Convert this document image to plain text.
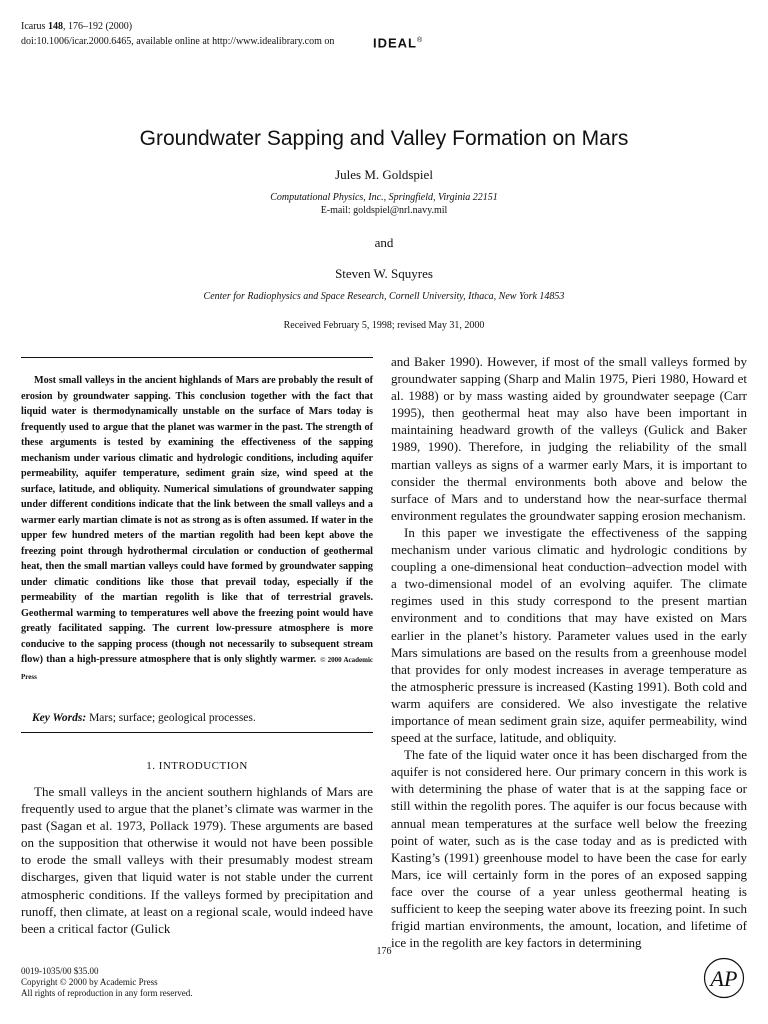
Icarus 148, 176–192 (2000)
doi:10.1006/icar.2000.6465, available online at http://www.idealibrary.com on	IDEAL®
Groundwater Sapping and Valley Formation on Mars
Jules M. Goldspiel
Computational Physics, Inc., Springfield, Virginia 22151
E-mail: goldspiel@nrl.navy.mil
and
Steven W. Squyres
Center for Radiophysics and Space Research, Cornell University, Ithaca, New York 14853
Received February 5, 1998; revised May 31, 2000
Most small valleys in the ancient highlands of Mars are probably the result of erosion by groundwater sapping. This conclusion together with the fact that liquid water is thermodynamically unstable on the surface of Mars today is frequently used to argue that the planet was warmer in the past. The strength of these arguments is tested by examining the effectiveness of the sapping mechanism under various climatic and hydrologic conditions, including aquifer permeability, aquifer temperature, sediment grain size, wind speed at the surface, latitude, and obliquity. Numerical simulations of groundwater sapping under different conditions indicate that the link between the small valleys and a warmer early martian climate is not as strong as is often assumed. If water in the upper few hundred meters of the martian regolith had been kept above the freezing point through hydrothermal circulation or conduction of geothermal heat, then the small martian valleys could have formed by groundwater sapping under climatic conditions like those that prevail today, especially if the permeability of the martian regolith is like that of terrestrial gravels. Geothermal warming to temperatures well above the freezing point would have greatly facilitated sapping. The current low-pressure atmosphere is more conducive to the sapping process (though not necessarily to subsequent stream flow) than a high-pressure atmosphere that is only slightly warmer. © 2000 Academic Press
Key Words: Mars; surface; geological processes.
1. INTRODUCTION

The small valleys in the ancient southern highlands of Mars are frequently used to argue that the planet’s climate was warmer in the past (Sagan et al. 1973, Pollack 1979). These arguments are based on the supposition that otherwise it would not have been possible to erode the small valleys with their presumably modest stream discharges, given that liquid water is not stable under the current atmospheric conditions. If the valleys formed by precipitation and runoff, then climate, at least on a regional scale, would indeed have been a critical factor (Gulick

and Baker 1990). However, if most of the small valleys formed by groundwater sapping (Sharp and Malin 1975, Pieri 1980, Howard et al. 1988) or by mass wasting aided by groundwater seepage (Carr 1995), then geothermal heat may also have been important in maintaining headward growth of the valleys (Gulick and Baker 1989, 1990). Therefore, in judging the reliability of the small martian valleys as signs of a warmer early Mars, it is important to consider the thermal environments both above and below the surface of Mars and to understand how the near-surface thermal environment regulates the groundwater sapping erosion mechanism.

In this paper we investigate the effectiveness of the sapping mechanism under various climatic and hydrologic conditions by coupling a one-dimensional heat conduction–advection model with a two-dimensional model of an evolving aquifer. The climate regimes used in this study correspond to the present martian environment and to conditions that may have existed on Mars earlier in the planet’s history. Parameter values used in the early Mars simulations are based on the results from a greenhouse model that provides for only modest increases in average temperature as the atmospheric pressure is increased (Kasting 1991). Both cold and warm aquifers are considered. We also investigate the relative importance of mean sediment grain size, aquifer permeability, wind speed at the surface, latitude, and obliquity.

The fate of the liquid water once it has been discharged from the aquifer is not considered here. Our primary concern in this work is with determining the phase of water that is at the sapping face or still within the regolith pores. The aquifer is our focus because with annual mean temperatures at the surface well below the freezing point of water, such as is the case today and as is predicted with Kasting’s (1991) greenhouse model to have been the case for early Mars, ice will certainly form in the pores of an exposed sapping face over the course of a year unless geothermal heating is sufficient to keep the seeping water above its freezing point. In such frigid martian environments, the amount, location, and lifetime of ice in the regolith are key factors in determining

176
0019-1035/00 $35.00
Copyright © 2000 by Academic Press
All rights of reproduction in any form reserved.
AP
